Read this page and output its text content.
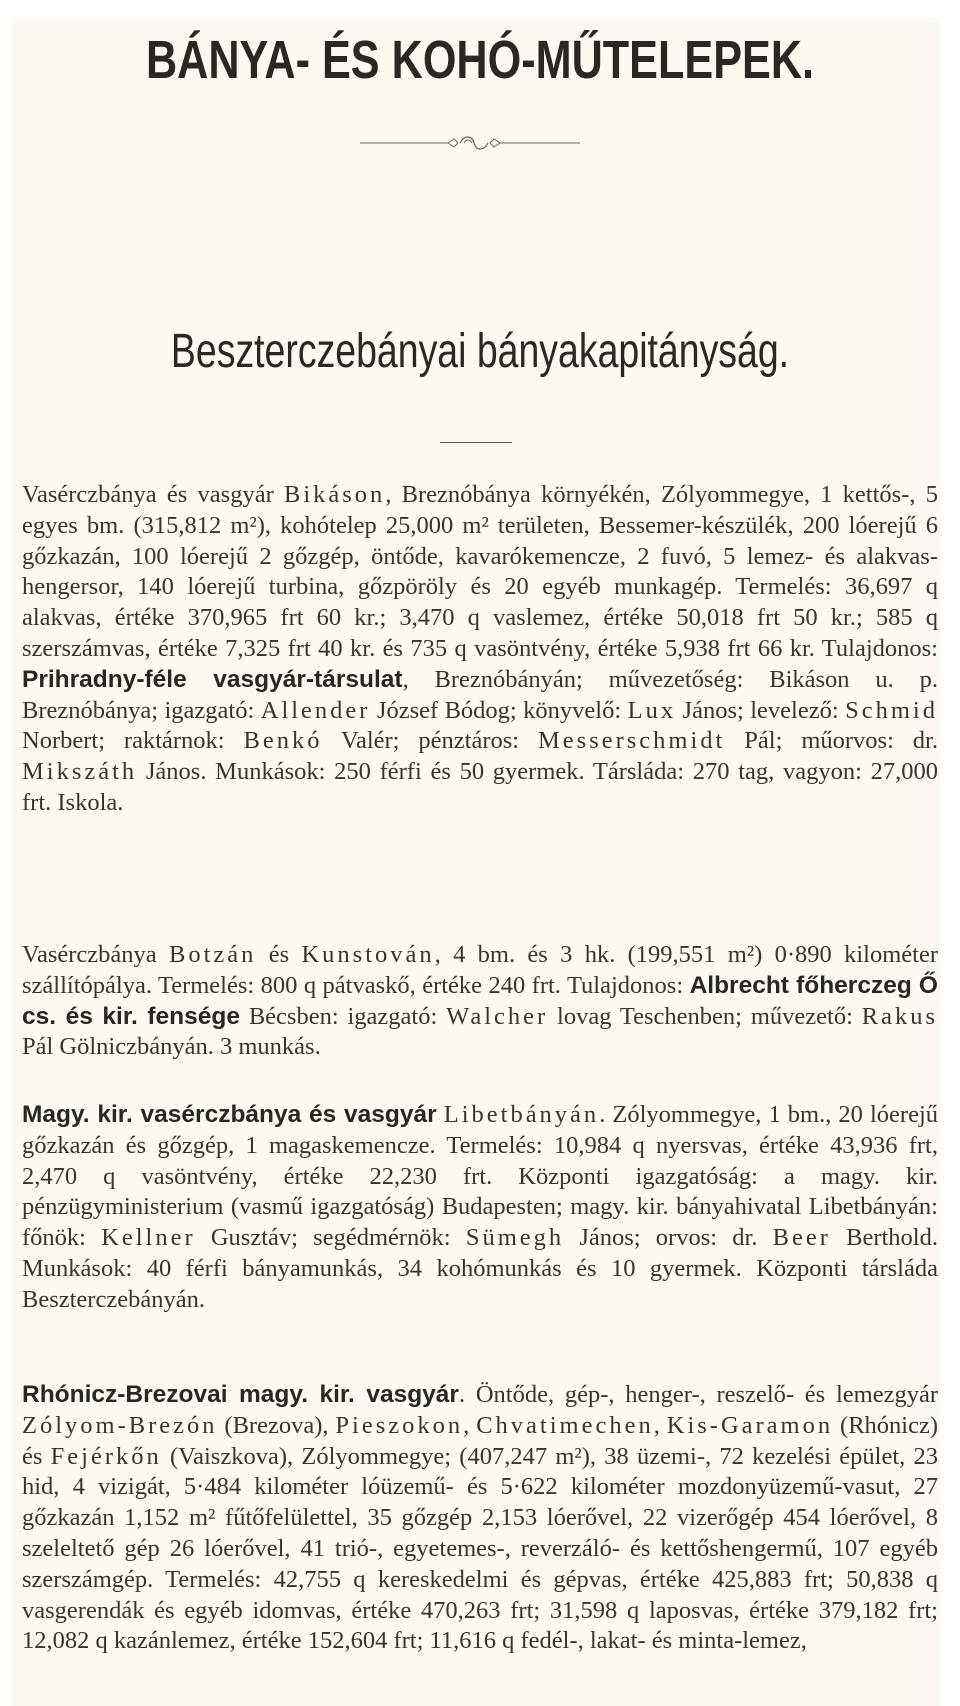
BÁNYA- ÉS KOHÓ-MŰTELEPEK.
Beszterczebányai bányakapitányság.
Vasérczbánya és vasgyár Bikáson, Breznóbánya környékén, Zólyommegye, 1 kettős-, 5 egyes bm. (315,812 m²), kohótelep 25,000 m² területen, Bessemer-készülék, 200 lóerejű 6 gőzkazán, 100 lóerejű 2 gőzgép, öntőde, kavarókemencze, 2 fuvó, 5 lemez- és alakvas-hengersor, 140 lóerejű turbina, gőzpöröly és 20 egyéb munkagép. Termelés: 36,697 q alakvas, értéke 370,965 frt 60 kr.; 3,470 q vaslemez, értéke 50,018 frt 50 kr.; 585 q szerszámvas, értéke 7,325 frt 40 kr. és 735 q vasöntvény, értéke 5,938 frt 66 kr. Tulajdonos: Prihradny-féle vasgyár-társulat, Breznóbányán; művezetőség: Bikáson u. p. Breznóbánya; igazgató: Allender József Bódog; könyvelő: Lux János; levelező: Schmid Norbert; raktárnok: Benkó Valér; pénztáros: Messerschmidt Pál; műorvos: dr. Mikszáth János. Munkások: 250 férfi és 50 gyermek. Társláda: 270 tag, vagyon: 27,000 frt. Iskola.
Vasérczbánya Botzán és Kunstován, 4 bm. és 3 hk. (199,551 m²) 0·890 kilométer szállítópálya. Termelés: 800 q pátvaskő, értéke 240 frt. Tulajdonos: Albrecht főherczeg Ő cs. és kir. fensége Bécsben: igazgató: Walcher lovag Teschenben; művezető: Rakus Pál Gölniczbányán. 3 munkás.
Magy. kir. vasérczbánya és vasgyár Libetbányán. Zólyommegye, 1 bm., 20 lóerejű gőzkazán és gőzgép, 1 magaskemencze. Termelés: 10,984 q nyersvas, értéke 43,936 frt, 2,470 q vasöntvény, értéke 22,230 frt. Központi igazgatóság: a magy. kir. pénzügyministerium (vasmű igazgatóság) Budapesten; magy. kir. bányahivatal Libetbányán: főnök: Kellner Gusztáv; segédmérnök: Sümegh János; orvos: dr. Beer Berthold. Munkások: 40 férfi bányamunkás, 34 kohómunkás és 10 gyermek. Központi társláda Beszterczebányán.
Rhónicz-Brezovai magy. kir. vasgyár. Öntőde, gép-, henger-, reszelő- és lemezgyár Zólyom-Brezón (Brezova), Pieszokon, Chvatimechen, Kis-Garamon (Rhónicz) és Fejérkőn (Vaiszkova), Zólyommegye; (407,247 m²), 38 üzemi-, 72 kezelési épület, 23 hid, 4 vizigát, 5·484 kilométer lóüzemű- és 5·622 kilométer mozdonyüzemű-vasut, 27 gőzkazán 1,152 m² fűtőfelülettel, 35 gőzgép 2,153 lóerővel, 22 vizerőgép 454 lóerővel, 8 szeleltető gép 26 lóerővel, 41 trió-, egyetemes-, reverzáló- és kettőshengermű, 107 egyéb szerszámgép. Termelés: 42,755 q kereskedelmi és gépvas, értéke 425,883 frt; 50,838 q vasgerendák és egyéb idomvas, értéke 470,263 frt; 31,598 q laposvas, értéke 379,182 frt; 12,082 q kazánlemez, értéke 152,604 frt; 11,616 q fedél-, lakat- és minta-lemez,
